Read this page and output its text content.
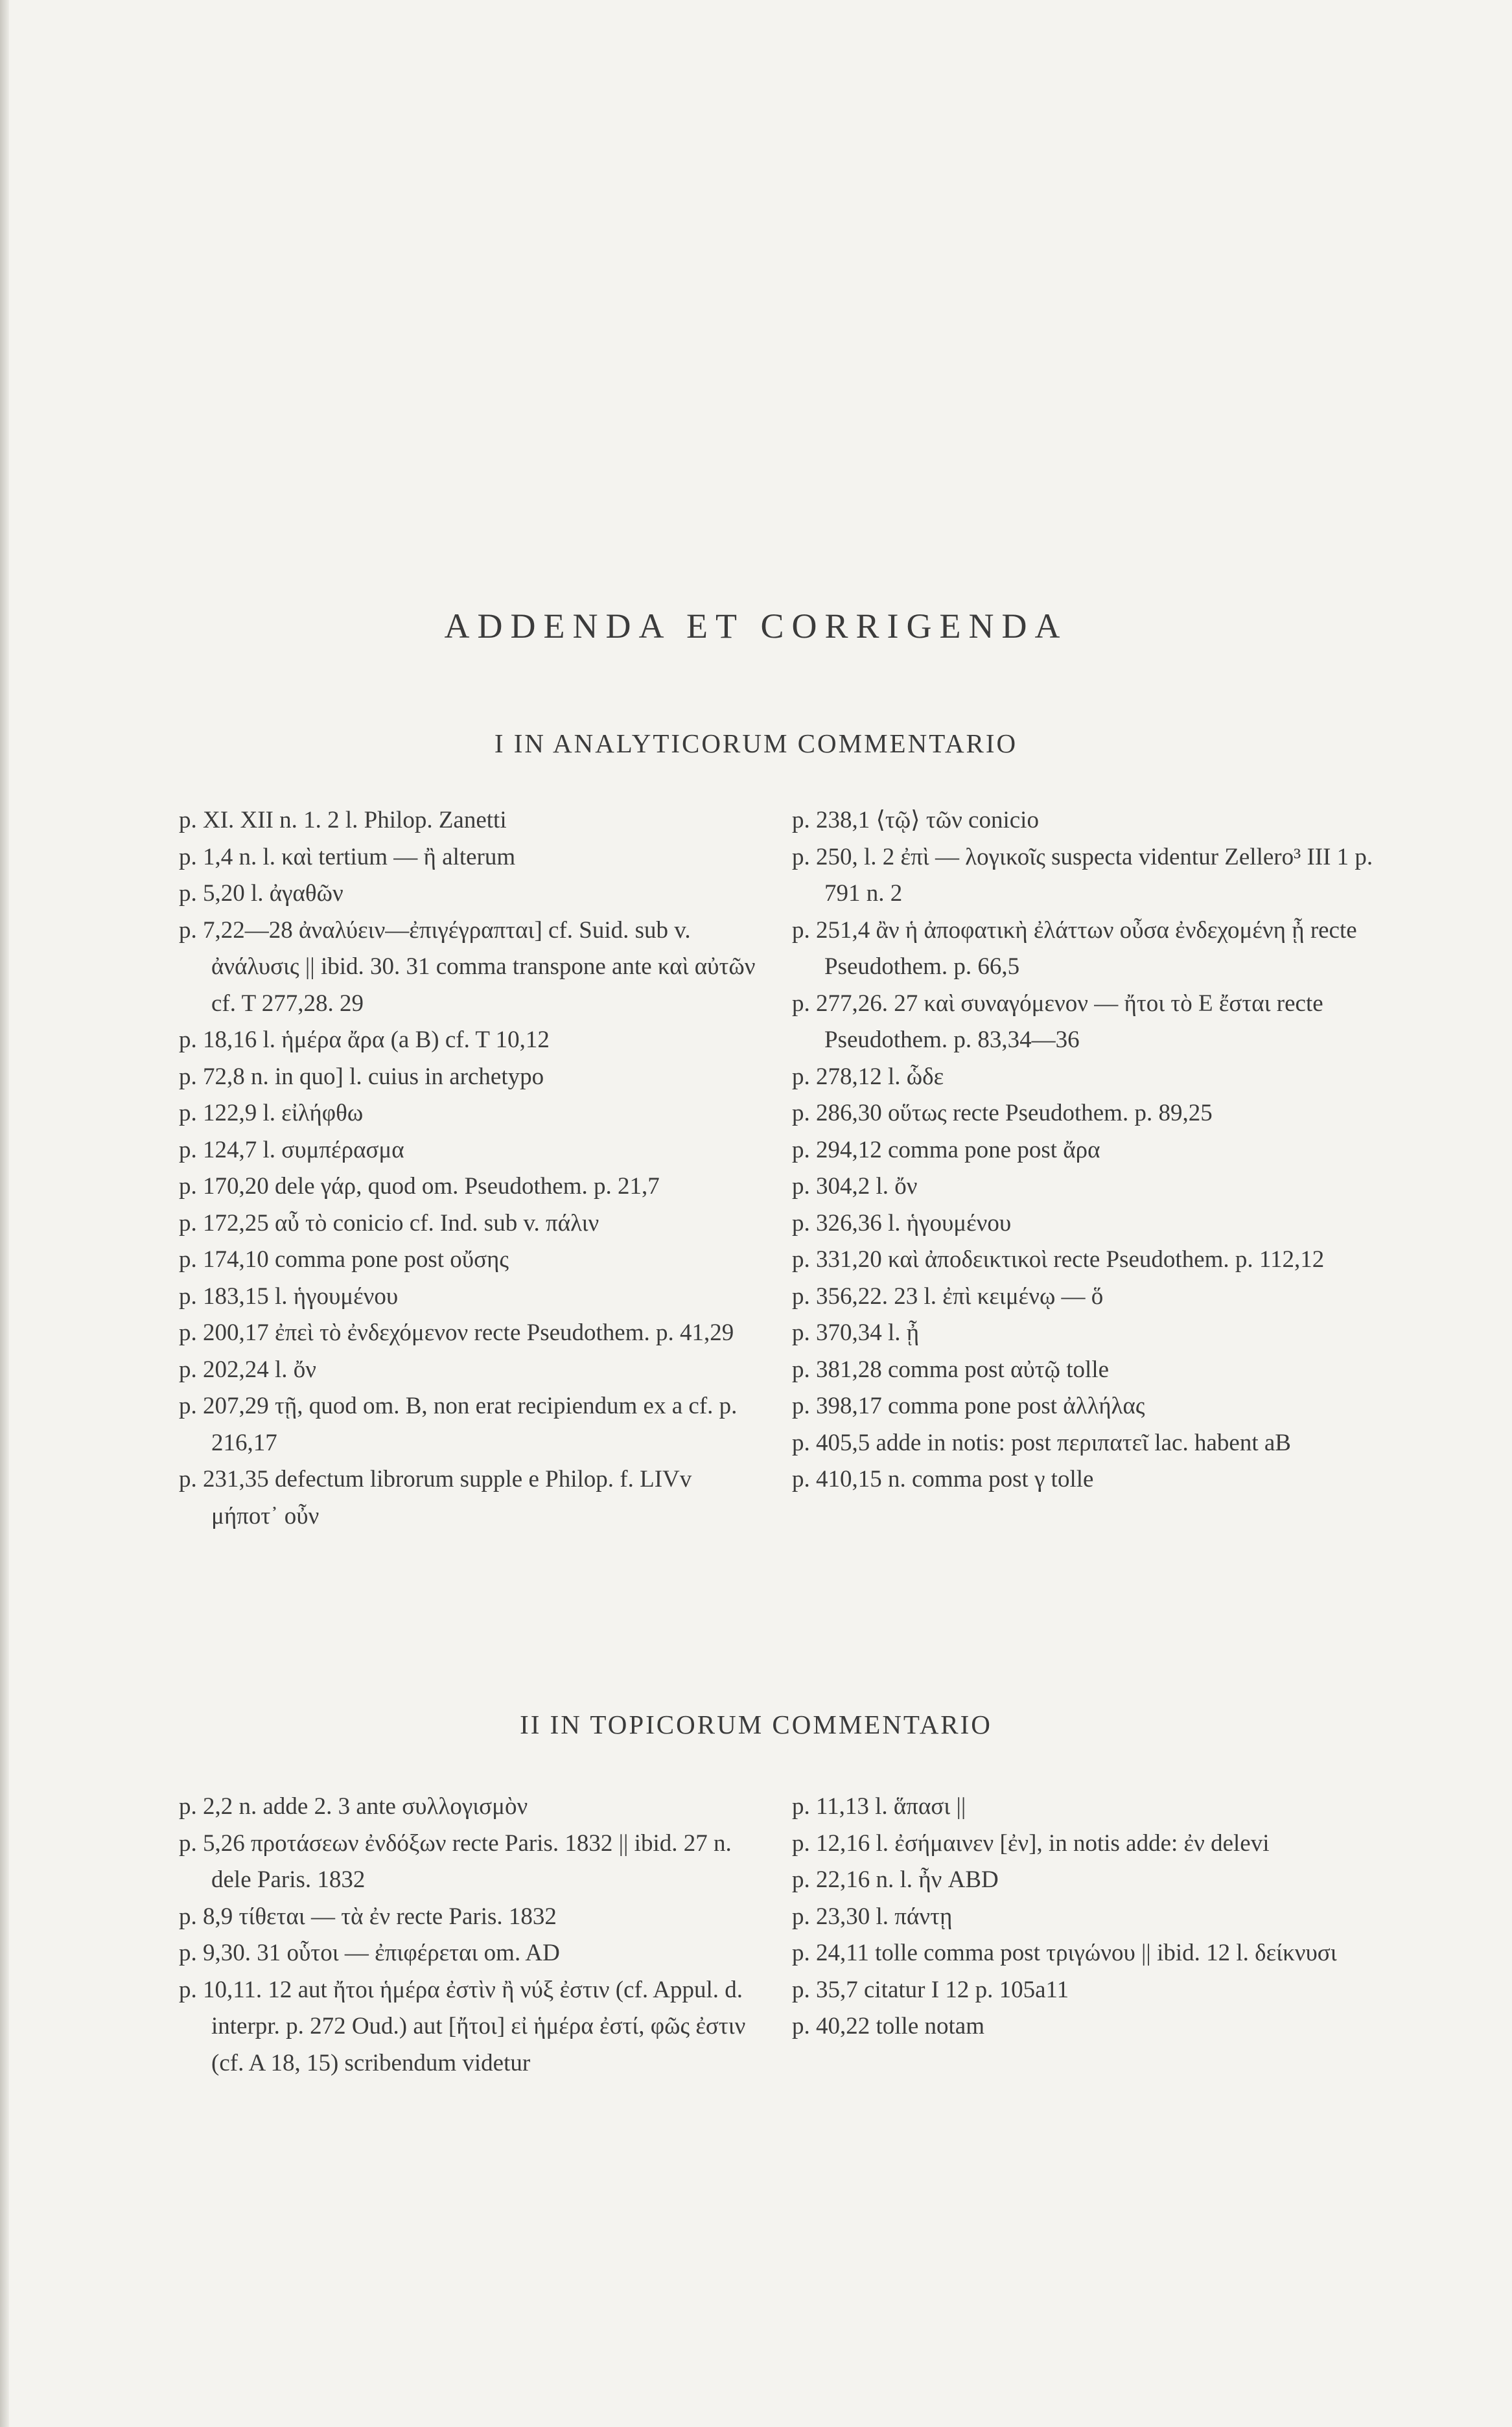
ADDENDA ET CORRIGENDA
I IN ANALYTICORUM COMMENTARIO
p. XI. XII n. 1. 2 l. Philop. Zanetti
p. 1,4 n. l. καὶ tertium — ἢ alterum
p. 5,20 l. ἀγαθῶν
p. 7,22—28 ἀναλύειν—ἐπιγέγραπται] cf. Suid. sub v. ἀνάλυσις || ibid. 30. 31 comma transpone ante καὶ αὐτῶν cf. T 277,28. 29
p. 18,16 l. ἡμέρα ἄρα (a B) cf. T 10,12
p. 72,8 n. in quo] l. cuius in archetypo
p. 122,9 l. εἰλήφθω
p. 124,7 l. συμπέρασμα
p. 170,20 dele γάρ, quod om. Pseudothem. p. 21,7
p. 172,25 αὖ τὸ conicio cf. Ind. sub v. πάλιν
p. 174,10 comma pone post οὔσης
p. 183,15 l. ἡγουμένου
p. 200,17 ἐπεὶ τὸ ἐνδεχόμενον recte Pseudothem. p. 41,29
p. 202,24 l. ὄν
p. 207,29 τῇ, quod om. B, non erat recipiendum ex a cf. p. 216,17
p. 231,35 defectum librorum supple e Philop. f. LIVv μήποτ᾽ οὖν
p. 238,1 ⟨τῷ⟩ τῶν conicio
p. 250, l. 2 ἐπὶ — λογικοῖς suspecta videntur Zellero³ III 1 p. 791 n. 2
p. 251,4 ἂν ἡ ἀποφατικὴ ἐλάττων οὖσα ἐνδεχομένη ᾖ recte Pseudothem. p. 66,5
p. 277,26. 27 καὶ συναγόμενον — ἤτοι τὸ Ε ἔσται recte Pseudothem. p. 83,34—36
p. 278,12 l. ὧδε
p. 286,30 οὕτως recte Pseudothem. p. 89,25
p. 294,12 comma pone post ἄρα
p. 304,2 l. ὄν
p. 326,36 l. ἡγουμένου
p. 331,20 καὶ ἀποδεικτικοὶ recte Pseudothem. p. 112,12
p. 356,22. 23 l. ἐπὶ κειμένῳ — ὅ
p. 370,34 l. ᾖ
p. 381,28 comma post αὐτῷ tolle
p. 398,17 comma pone post ἀλλήλας
p. 405,5 adde in notis: post περιπατεῖ lac. habent aB
p. 410,15 n. comma post γ tolle
II IN TOPICORUM COMMENTARIO
p. 2,2 n. adde 2. 3 ante συλλογισμὸν
p. 5,26 προτάσεων ἐνδόξων recte Paris. 1832 || ibid. 27 n. dele Paris. 1832
p. 8,9 τίθεται — τὰ ἐν recte Paris. 1832
p. 9,30. 31 οὗτοι — ἐπιφέρεται om. AD
p. 10,11. 12 aut ἤτοι ἡμέρα ἐστὶν ἢ νύξ ἐστιν (cf. Appul. d. interpr. p. 272 Oud.) aut [ἤτοι] εἰ ἡμέρα ἐστί, φῶς ἐστιν (cf. A 18, 15) scribendum videtur
p. 11,13 l. ἅπασι ||
p. 12,16 l. ἐσήμαινεν [ἐν], in notis adde: ἐν delevi
p. 22,16 n. l. ἦν ABD
p. 23,30 l. πάντῃ
p. 24,11 tolle comma post τριγώνου || ibid. 12 l. δείκνυσι
p. 35,7 citatur I 12 p. 105a11
p. 40,22 tolle notam
